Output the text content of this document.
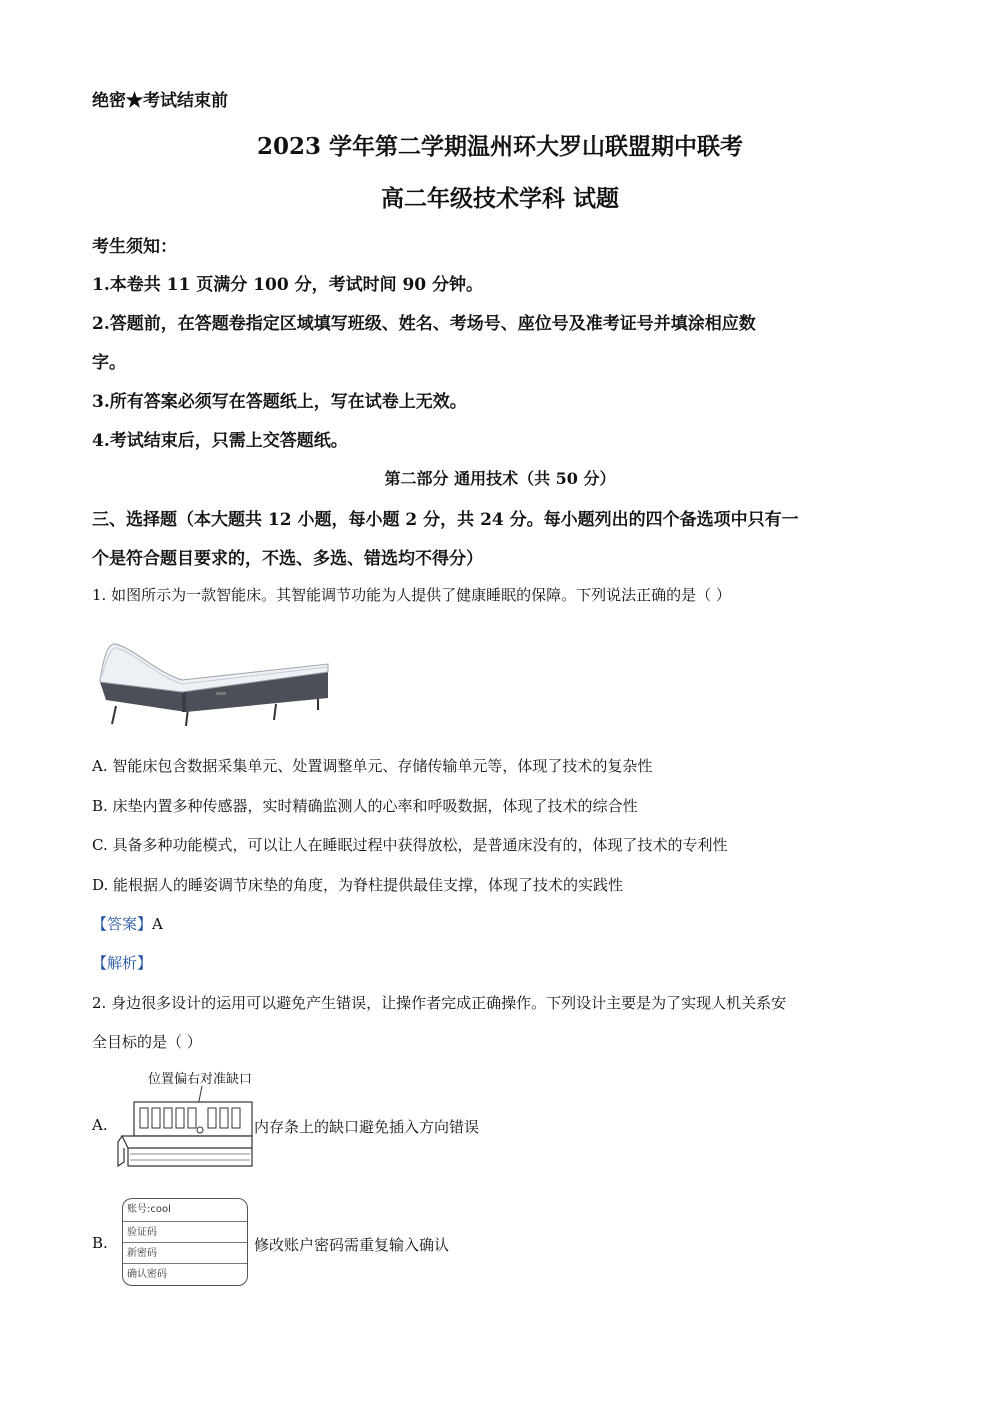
绝密★考试结束前
2023 学年第二学期温州环大罗山联盟期中联考
高二年级技术学科 试题
考生须知：
1.本卷共 11 页满分 100 分，考试时间 90 分钟。
2.答题前，在答题卷指定区域填写班级、姓名、考场号、座位号及准考证号并填涂相应数
字。
3.所有答案必须写在答题纸上，写在试卷上无效。
4.考试结束后，只需上交答题纸。
第二部分 通用技术（共 50 分）
三、选择题（本大题共 12 小题，每小题 2 分，共 24 分。每小题列出的四个备选项中只有一
个是符合题目要求的，不选、多选、错选均不得分）
1. 如图所示为一款智能床。其智能调节功能为人提供了健康睡眠的保障。下列说法正确的是（ ）
A. 智能床包含数据采集单元、处置调整单元、存储传输单元等，体现了技术的复杂性
B. 床垫内置多种传感器，实时精确监测人的心率和呼吸数据，体现了技术的综合性
C. 具备多种功能模式，可以让人在睡眠过程中获得放松，是普通床没有的，体现了技术的专利性
D. 能根据人的睡姿调节床垫的角度，为脊柱提供最佳支撑，体现了技术的实践性
【答案】A
【解析】
2. 身边很多设计的运用可以避免产生错误，让操作者完成正确操作。下列设计主要是为了实现人机关系安
全目标的是（ ）
位置偏右对准缺口
A.	内存条上的缺口避免插入方向错误
B.
账号:cool
验证码
新密码
确认密码
修改账户密码需重复输入确认
